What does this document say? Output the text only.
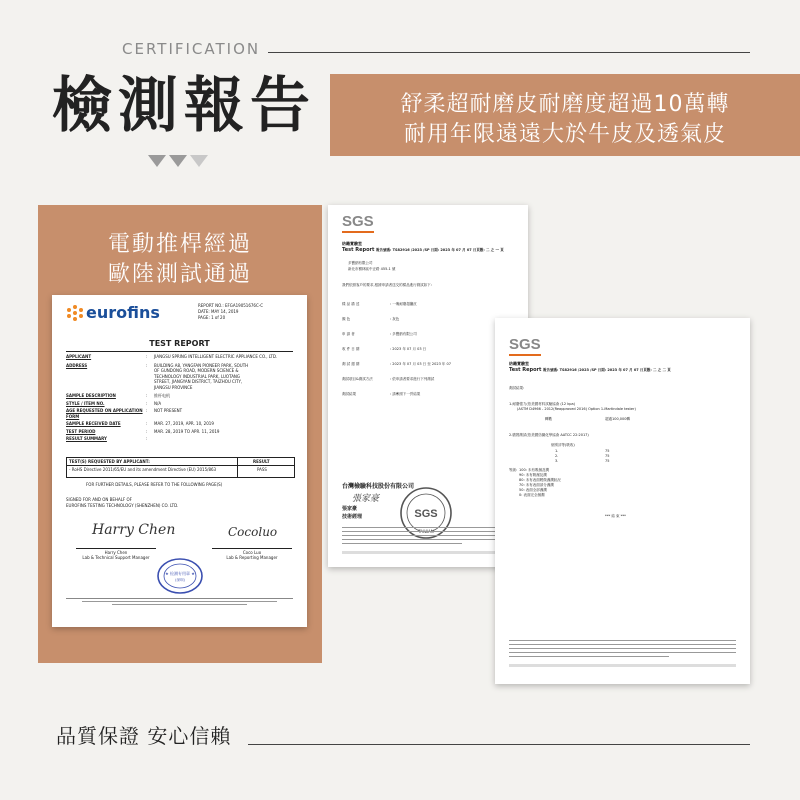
CERTIFICATION
檢測報告	舒柔超耐磨皮耐磨度超過10萬轉
耐用年限遠遠大於牛皮及透氣皮
電動推桿經過
歐陸測試通過
eurofins	REPORT NO.: EFGA19051676C-C
DATE: MAY 14, 2019
PAGE: 1 of 20
TEST REPORT
APPLICANT	:	JIANGSU SPRING INTELLIGENT ELECTRIC APPLIANCE CO., LTD.
ADDRESS	:	BUILDING A8, YANGFAN PIONEER PARK, SOUTH OF GUNDONG ROAD, MODERN SCIENCE & TECHNOLOGY INDUSTRIAL PARK, LUOTANG STREET, JIANGYAN DISTRICT, TAIZHOU CITY, JIANGSU PROVINCE
SAMPLE DESCRIPTION	:	推杆电机
STYLE / ITEM NO.	:	N/A
AGE REQUESTED ON APPLICATION FORM
:	NOT PRESENT
SAMPLE RECEIVED DATE	:	MAR. 27, 2019, APR. 10, 2019
TEST PERIOD	:	MAR. 28, 2019 TO APR. 11, 2019
RESULT SUMMARY	:
TEST(S) REQUESTED BY APPLICANT:	RESULT
- RoHS Directive 2011/65/EU and its amendment Directive (EU) 2015/863	PASS
FOR FURTHER DETAILS, PLEASE REFER TO THE FOLLOWING PAGE(S)
SIGNED FOR AND ON BEHALF OF
EUROFINS TESTING TECHNOLOGY (SHENZHEN) CO. LTD.
Harry Chen	Cocoluo
Harry Chen
Lab & Technical Support Manager
Coco Luo
Lab & Reporting Manager
★ 检测专用章 ★
(深圳)
SGS
紡織實驗室
Test Report 報告號碼: TS82916 /2023 /SP 日期: 2023 年 07 月 07 日頁數: 二 之 一 頁
多寶納有限公司
新北市樹林區中正路 455-1 號
我們依照客戶的要求,根據申請者送交的樣品進行測試如下:
樣 品 描 述	: 一塊耐磨超纖皮
顏 色	: 灰色
申 請 者	: 多寶納有限公司
收 件 日 期	: 2023 年 07 月 03 日
測 試 週 期	: 2023 年 07 月 03 日 至 2023 年 07
測試項目&測試方法	: 依申請者要求進行下列測試
測試結果	: 請參照下一頁結果
台灣檢驗科技股份有限公司
張家豪
張家豪
技術經理	SGS
TAIWAN
SGS
紡織實驗室
Test Report 報告號碼: TS82916 /2023 /SP 日期: 2023 年 07 月 07 日頁數: 二 之 二 頁
測試結果:
1.耐磨強力(依美國材料試驗協會 (12 kpa)
(ASTM D4966 - 2012(Reapproved 2016) Option 1-Martindale tester)
轉數	超過100,000轉
2.磨擦測試(依美國紡織化學協會 AATCC 22:2017)
個別評等(吸收)
1.	75
2.	75
3.	75
等級: 100: 未有吸濕及潤
90: 未有吸濕及潤
80: 未有表面輕微濕潤狀況
70: 未有表面部分濕潤
50: 表面全部濕潤
0: 表面完全濕潤
*** 結 束 ***
品質保證 安心信賴
